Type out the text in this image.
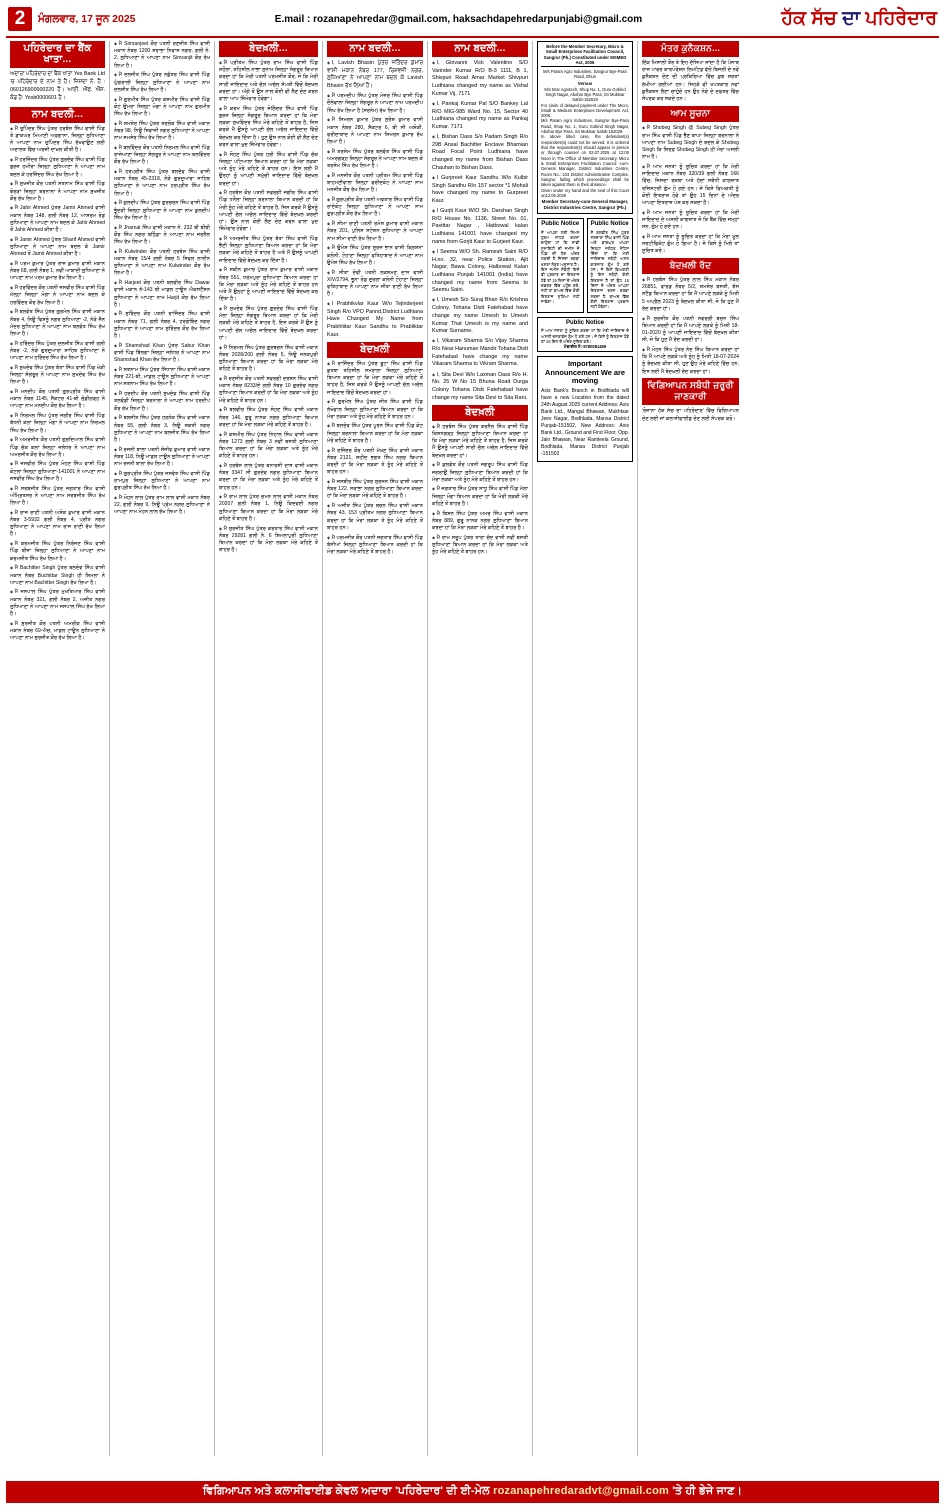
2	ਮੰਗਲਵਾਰ, 17 ਜੂਨ 2025	E.mail : rozanapehredar@gmail.com, haksachdapehredarpunjabi@gmail.com	ਹੱਕ ਸੱਚ ਦਾ ਪਹਿਰੇਦਾਰ
ਪਹਿਰੇਦਾਰ ਦਾ ਬੈਂਕ ਖਾਤਾ...
ਅਦਾਰਾ ਪਹਿਰੇਦਾਰ ਦਾ ਬੈਂਕ ਖਾਤਾ Yes Bank Ltd 'ਚ ਪਹਿਰੇਦਾਰ ਦੇ ਨਾਮ ਤੇ ਹੈ। ਜਿਸਦਾ ਨੰ. ਹੈ : 060126900000220 ਹੈ। ਆਈ. ਐੱਫ. ਐੱਸ. ਕੋਡ ਹੈ: Yesb0000601 ਹੈ।
ਨਾਮ ਬਦਲੀ...
◈ ਮੈਂ ਰੁਪਿੰਦਰ ਸਿੰਘ ਪੁੱਤਰ ਹਰਬੰਸ ਸਿੰਘ ਵਾਸੀ ਪਿੰਡ ਤੇ ਡਾਕਘਰ ਮਿਆਣੀ ਅਫ਼ਗਾਨਾ, ਜ਼ਿਲ੍ਹਾ ਲੁਧਿਆਣਾ ਨੇ ਆਪਣਾ ਨਾਮ ਰੁਪਿੰਦਰ ਸਿੰਘ ਰੱਖਵਾਉਣ ਲਈ ਅਦਾਲਤ ਵਿੱਚ ਅਰਜ਼ੀ ਦਾਖ਼ਲ ਕੀਤੀ ਹੈ।
◈ ਮੈਂ ਹਰਜਿੰਦਰ ਸਿੰਘ ਪੁੱਤਰ ਗੁਰਦੇਵ ਸਿੰਘ ਵਾਸੀ ਪਿੰਡ ਬੁਰਜ ਹਮੀਰਾ ਜ਼ਿਲ੍ਹਾ ਲੁਧਿਆਣਾ ਨੇ ਆਪਣਾ ਨਾਮ ਬਦਲ ਕੇ ਹਰਜਿੰਦਰ ਸਿੰਘ ਰੱਖ ਲਿਆ ਹੈ।
◈ ਮੈਂ ਸੁਖਜੀਤ ਕੌਰ ਪਤਨੀ ਸਤਨਾਮ ਸਿੰਘ ਵਾਸੀ ਪਿੰਡ ਝੋਰੜਾਂ ਜ਼ਿਲ੍ਹਾ ਬਰਨਾਲਾ ਨੇ ਆਪਣਾ ਨਾਮ ਸੁਖਜੀਤ ਕੌਰ ਰੱਖ ਲਿਆ ਹੈ।
◈ ਮੈਂ Jahir Ahmed ਪੁੱਤਰ Jamir Ahmed ਵਾਸੀ ਮਕਾਨ ਨੰਬਰ 148, ਗਲੀ ਨੰਬਰ 12, ਆਸ਼ਰਮ ਰੋਡ ਲੁਧਿਆਣਾ ਨੇ ਆਪਣਾ ਨਾਮ ਬਦਲ ਕੇ Jahir Ahmed ਤੋਂ Jahir Ahmed ਕੀਤਾ ਹੈ।
◈ ਮੈਂ Jamir Ahmed ਪੁੱਤਰ Sharif Ahmed ਵਾਸੀ ਲੁਧਿਆਣਾ ਨੇ ਆਪਣਾ ਨਾਮ ਬਦਲ ਕੇ Jamir Ahmed ਤੋਂ Jamir Ahmed ਕੀਤਾ ਹੈ।
◈ ਮੈਂ ਪਰਮ ਕੁਮਾਰ ਪੁੱਤਰ ਰਾਜ ਕੁਮਾਰ ਵਾਸੀ ਮਕਾਨ ਨੰਬਰ 68, ਗਲੀ ਨੰਬਰ 1, ਨਵੀਂ ਆਬਾਦੀ ਲੁਧਿਆਣਾ ਨੇ ਆਪਣਾ ਨਾਮ ਪਰਮ ਕੁਮਾਰ ਰੱਖ ਲਿਆ ਹੈ।
◈ ਮੈਂ ਹਰਵਿੰਦਰ ਕੌਰ ਪਤਨੀ ਜਸਵੀਰ ਸਿੰਘ ਵਾਸੀ ਪਿੰਡ ਮੱਲ੍ਹਾ ਜ਼ਿਲ੍ਹਾ ਮੋਗਾ ਨੇ ਆਪਣਾ ਨਾਮ ਬਦਲ ਕੇ ਹਰਵਿੰਦਰ ਕੌਰ ਰੱਖ ਲਿਆ ਹੈ।
◈ ਮੈਂ ਬਲਵੰਤ ਸਿੰਘ ਪੁੱਤਰ ਗੁਰਮੇਲ ਸਿੰਘ ਵਾਸੀ ਮਕਾਨ ਨੰਬਰ 4, ਨਿਊ ਵਿਸ਼ਨੂੰ ਨਗਰ ਲੁਧਿਆਣਾ -2, ਨੇੜੇ ਜੈਨ ਮੰਦਰ ਲੁਧਿਆਣਾ ਨੇ ਆਪਣਾ ਨਾਮ ਬਲਵੰਤ ਸਿੰਘ ਰੱਖ ਲਿਆ ਹੈ।
◈ ਮੈਂ ਹਰਿੰਦਰ ਸਿੰਘ ਪੁੱਤਰ ਦਲਜੀਤ ਸਿੰਘ ਵਾਸੀ ਗਲੀ ਨੰਬਰ -2, ਨੇੜੇ ਗੁਰਦੁਆਰਾ ਸਾਹਿਬ ਲੁਧਿਆਣਾ ਨੇ ਆਪਣਾ ਨਾਮ ਹਰਿੰਦਰ ਸਿੰਘ ਰੱਖ ਲਿਆ ਹੈ।
◈ ਮੈਂ ਸੁਖਦੇਵ ਸਿੰਘ ਪੁੱਤਰ ਬੰਤਾ ਸਿੰਘ ਵਾਸੀ ਪਿੰਡ ਖੇੜੀ ਜ਼ਿਲ੍ਹਾ ਸੰਗਰੂਰ ਨੇ ਆਪਣਾ ਨਾਮ ਸੁਖਦੇਵ ਸਿੰਘ ਰੱਖ ਲਿਆ ਹੈ।
◈ ਮੈਂ ਮਨਦੀਪ ਕੌਰ ਪਤਨੀ ਗੁਰਪ੍ਰੀਤ ਸਿੰਘ ਵਾਸੀ ਮਕਾਨ ਨੰਬਰ 1145, ਸੈਕਟਰ 41-ਬੀ ਚੰਡੀਗੜ੍ਹ ਨੇ ਆਪਣਾ ਨਾਮ ਮਨਦੀਪ ਕੌਰ ਰੱਖ ਲਿਆ ਹੈ।
◈ ਮੈਂ ਨਿਰਮਲ ਸਿੰਘ ਪੁੱਤਰ ਜਗੀਰ ਸਿੰਘ ਵਾਸੀ ਪਿੰਡ ਬੱਧਨੀ ਕਲਾਂ ਜ਼ਿਲ੍ਹਾ ਮੋਗਾ ਨੇ ਆਪਣਾ ਨਾਮ ਨਿਰਮਲ ਸਿੰਘ ਰੱਖ ਲਿਆ ਹੈ।
◈ ਮੈਂ ਅਮਰਜੀਤ ਕੌਰ ਪਤਨੀ ਗੁਰਦਿਆਲ ਸਿੰਘ ਵਾਸੀ ਪਿੰਡ ਚੱਕ ਕਲਾਂ ਜ਼ਿਲ੍ਹਾ ਜਲੰਧਰ ਨੇ ਆਪਣਾ ਨਾਮ ਅਮਰਜੀਤ ਕੌਰ ਰੱਖ ਲਿਆ ਹੈ।
◈ ਮੈਂ ਜਸਵੀਰ ਸਿੰਘ ਪੁੱਤਰ ਮੋਹਣ ਸਿੰਘ ਵਾਸੀ ਪਿੰਡ ਕੋਟਲਾ ਜ਼ਿਲ੍ਹਾ ਲੁਧਿਆਣਾ-141001 ਨੇ ਆਪਣਾ ਨਾਮ ਜਸਵੀਰ ਸਿੰਘ ਰੱਖ ਲਿਆ ਹੈ।
◈ ਮੈਂ ਸਰਬਜੀਤ ਸਿੰਘ ਪੁੱਤਰ ਜਗਤਾਰ ਸਿੰਘ ਵਾਸੀ ਅੰਮ੍ਰਿਤਸਰ ਨੇ ਆਪਣਾ ਨਾਮ ਸਰਬਜੀਤ ਸਿੰਘ ਰੱਖ ਲਿਆ ਹੈ।
◈ ਮੈਂ ਰਾਜ ਰਾਣੀ ਪਤਨੀ ਅਸ਼ੋਕ ਕੁਮਾਰ ਵਾਸੀ ਮਕਾਨ ਨੰਬਰ 3-5932 ਗਲੀ ਨੰਬਰ 4, ਪ੍ਰੀਤ ਨਗਰ ਲੁਧਿਆਣਾ ਨੇ ਆਪਣਾ ਨਾਮ ਰਾਜ ਰਾਣੀ ਰੱਖ ਲਿਆ ਹੈ।
◈ ਮੈਂ ਕਰਮਜੀਤ ਸਿੰਘ ਪੁੱਤਰ ਨਿਰੰਜਣ ਸਿੰਘ ਵਾਸੀ ਪਿੰਡ ਬੀਜਾ ਜ਼ਿਲ੍ਹਾ ਲੁਧਿਆਣਾ ਨੇ ਆਪਣਾ ਨਾਮ ਕਰਮਜੀਤ ਸਿੰਘ ਰੱਖ ਲਿਆ ਹੈ।
◈ ਮੈਂ Bachitter Singh ਪੁੱਤਰ ਬਲਦੇਵ ਸਿੰਘ ਵਾਸੀ ਮਕਾਨ ਨੰਬਰ Buchittar Singh ਹੀ ਸ਼ਿਮਲਾ ਨੇ ਆਪਣਾ ਨਾਮ Bachitter Singh ਰੱਖ ਲਿਆ ਹੈ।
◈ ਮੈਂ ਜਸਪਾਲ ਸਿੰਘ ਪੁੱਤਰ ਮੁਖਤਿਆਰ ਸਿੰਘ ਵਾਸੀ ਮਕਾਨ ਨੰਬਰ 321, ਗਲੀ ਨੰਬਰ 2, ਅਜੀਤ ਨਗਰ ਲੁਧਿਆਣਾ ਨੇ ਆਪਣਾ ਨਾਮ ਜਸਪਾਲ ਸਿੰਘ ਰੱਖ ਲਿਆ ਹੈ।
◈ ਮੈਂ ਸੁਰਜੀਤ ਕੌਰ ਪਤਨੀ ਅਮਰੀਕ ਸਿੰਘ ਵਾਸੀ ਮਕਾਨ ਨੰਬਰ 69-ਐਚ, ਮਾਡਲ ਟਾਊਨ ਲੁਧਿਆਣਾ ਨੇ ਆਪਣਾ ਨਾਮ ਸੁਰਜੀਤ ਕੌਰ ਰੱਖ ਲਿਆ ਹੈ।
◈ ਮੈਂ Simranjeet ਕੌਰ ਪਤਨੀ ਰਣਜੀਤ ਸਿੰਘ ਵਾਸੀ ਮਕਾਨ ਨੰਬਰ 1200 ਸਰਾਭਾ ਨਿਵਾਸ ਨਗਰ, ਗਲੀ ਨੰ. 2, ਲੁਧਿਆਣਾ ਨੇ ਆਪਣਾ ਨਾਮ Simranjit ਕੌਰ ਰੱਖ ਲਿਆ ਹੈ।
◈ ਮੈਂ ਦਲਜੀਤ ਸਿੰਘ ਪੁੱਤਰ ਨਛੱਤਰ ਸਿੰਘ ਵਾਸੀ ਪਿੰਡ ਘੁੰਗਰਾਲੀ ਜ਼ਿਲ੍ਹਾ ਲੁਧਿਆਣਾ ਨੇ ਆਪਣਾ ਨਾਮ ਦਲਜੀਤ ਸਿੰਘ ਰੱਖ ਲਿਆ ਹੈ।
◈ ਮੈਂ ਗੁਰਮੀਤ ਸਿੰਘ ਪੁੱਤਰ ਕਸ਼ਮੀਰ ਸਿੰਘ ਵਾਸੀ ਪਿੰਡ ਕੋਟ ਉਮਰਾ ਜ਼ਿਲ੍ਹਾ ਮੋਗਾ ਨੇ ਆਪਣਾ ਨਾਮ ਗੁਰਮੀਤ ਸਿੰਘ ਰੱਖ ਲਿਆ ਹੈ।
◈ ਮੈਂ ਸ਼ਮਸ਼ੇਰ ਸਿੰਘ ਪੁੱਤਰ ਤਰਲੋਕ ਸਿੰਘ ਵਾਸੀ ਮਕਾਨ ਨੰਬਰ 98, ਨਿਊ ਸ਼ਿਵਾਜੀ ਨਗਰ ਲੁਧਿਆਣਾ ਨੇ ਆਪਣਾ ਨਾਮ ਸ਼ਮਸ਼ੇਰ ਸਿੰਘ ਰੱਖ ਲਿਆ ਹੈ।
◈ ਮੈਂ ਬਲਵਿੰਦਰ ਕੌਰ ਪਤਨੀ ਨਿਰਮਲ ਸਿੰਘ ਵਾਸੀ ਪਿੰਡ ਰਾਜੇਆਣਾ ਜ਼ਿਲ੍ਹਾ ਸੰਗਰੂਰ ਨੇ ਆਪਣਾ ਨਾਮ ਬਲਵਿੰਦਰ ਕੌਰ ਰੱਖ ਲਿਆ ਹੈ।
◈ ਮੈਂ ਹਰਪ੍ਰੀਤ ਸਿੰਘ ਪੁੱਤਰ ਬਲਦੇਵ ਸਿੰਘ ਵਾਸੀ ਮਕਾਨ ਨੰਬਰ 45-2318, ਨੇੜੇ ਗੁਰਦੁਆਰਾ ਸਾਹਿਬ ਲੁਧਿਆਣਾ ਨੇ ਆਪਣਾ ਨਾਮ ਹਰਪ੍ਰੀਤ ਸਿੰਘ ਰੱਖ ਲਿਆ ਹੈ।
◈ ਮੈਂ ਕੁਲਦੀਪ ਸਿੰਘ ਪੁੱਤਰ ਗੁਰਚਰਨ ਸਿੰਘ ਵਾਸੀ ਪਿੰਡ ਭੂੰਦੜੀ ਜ਼ਿਲ੍ਹਾ ਲੁਧਿਆਣਾ ਨੇ ਆਪਣਾ ਨਾਮ ਕੁਲਦੀਪ ਸਿੰਘ ਰੱਖ ਲਿਆ ਹੈ।
◈ ਮੈਂ Jharnal ਸਿੰਘ ਵਾਸੀ ਮਕਾਨ ਨੰ. 232 ਬੀ ਬੀਬੀ ਕੌਰ ਸਿੰਘ ਨਗਰ ਬਠਿੰਡਾ ਨੇ ਆਪਣਾ ਨਾਮ ਜਰਨੈਲ ਸਿੰਘ ਰੱਖ ਲਿਆ ਹੈ।
◈ ਮੈਂ Kulwinder ਕੌਰ ਪਤਨੀ ਹਰਬੰਸ ਸਿੰਘ ਵਾਸੀ ਮਕਾਨ ਨੰਬਰ 15/4 ਗਲੀ ਨੰਬਰ 5 ਸਿਵਲ ਲਾਈਨ ਲੁਧਿਆਣਾ ਨੇ ਆਪਣਾ ਨਾਮ Kulwinder ਕੌਰ ਰੱਖ ਲਿਆ ਹੈ।
◈ ਮੈਂ Harjeet ਕੌਰ ਪਤਨੀ ਬਲਵੀਰ ਸਿੰਘ Dawar ਵਾਸੀ ਮਕਾਨ ਨੰ-143 ਬੀ ਮਾਡਲ ਟਾਊਨ ਐਕਸਟੈਂਸ਼ਨ ਲੁਧਿਆਣਾ ਨੇ ਆਪਣਾ ਨਾਮ Harjit ਕੌਰ ਰੱਖ ਲਿਆ ਹੈ।
◈ ਮੈਂ ਸੁਰਿੰਦਰ ਕੌਰ ਪਤਨੀ ਰਾਜਿੰਦਰ ਸਿੰਘ ਵਾਸੀ ਮਕਾਨ ਨੰਬਰ 71, ਗਲੀ ਨੰਬਰ 4, ਹਰਗੋਬਿੰਦ ਨਗਰ ਲੁਧਿਆਣਾ ਨੇ ਆਪਣਾ ਨਾਮ ਸੁਰਿੰਦਰ ਕੌਰ ਰੱਖ ਲਿਆ ਹੈ।
◈ ਮੈਂ Shamshad Khan ਪੁੱਤਰ Sabur Khan ਵਾਸੀ ਪਿੰਡ ਬਿੱਲਗਾ ਜ਼ਿਲ੍ਹਾ ਜਲੰਧਰ ਨੇ ਆਪਣਾ ਨਾਮ Shamshad Khan ਰੱਖ ਲਿਆ ਹੈ।
◈ ਮੈਂ ਸਤਨਾਮ ਸਿੰਘ ਪੁੱਤਰ ਸਿੱਧਾਨਾ ਸਿੰਘ ਵਾਸੀ ਮਕਾਨ ਨੰਬਰ 221-ਬੀ, ਮਾਡਲ ਟਾਊਨ ਲੁਧਿਆਣਾ ਨੇ ਆਪਣਾ ਨਾਮ ਸਤਨਾਮ ਸਿੰਘ ਰੱਖ ਲਿਆ ਹੈ।
◈ ਮੈਂ ਹਰਦੀਪ ਕੌਰ ਪਤਨੀ ਸੁਖਦੇਵ ਸਿੰਘ ਵਾਸੀ ਪਿੰਡ ਤਲਵੰਡੀ ਜ਼ਿਲ੍ਹਾ ਬਰਨਾਲਾ ਨੇ ਆਪਣਾ ਨਾਮ ਹਰਦੀਪ ਕੌਰ ਰੱਖ ਲਿਆ ਹੈ।
◈ ਮੈਂ ਬਲਜੀਤ ਸਿੰਘ ਪੁੱਤਰ ਹਰਨੇਕ ਸਿੰਘ ਵਾਸੀ ਮਕਾਨ ਨੰਬਰ 55, ਗਲੀ ਨੰਬਰ 3, ਨਿਊ ਸ਼ਕਤੀ ਨਗਰ ਲੁਧਿਆਣਾ ਨੇ ਆਪਣਾ ਨਾਮ ਬਲਜੀਤ ਸਿੰਘ ਰੱਖ ਲਿਆ ਹੈ।
◈ ਮੈਂ ਰਜਨੀ ਬਾਲਾ ਪਤਨੀ ਸੰਜੀਵ ਕੁਮਾਰ ਵਾਸੀ ਮਕਾਨ ਨੰਬਰ 118, ਨਿਊ ਮਾਡਲ ਟਾਊਨ ਲੁਧਿਆਣਾ ਨੇ ਆਪਣਾ ਨਾਮ ਰਜਨੀ ਬਾਲਾ ਰੱਖ ਲਿਆ ਹੈ।
◈ ਮੈਂ ਗੁਰਪ੍ਰੀਤ ਸਿੰਘ ਪੁੱਤਰ ਜਸਵੰਤ ਸਿੰਘ ਵਾਸੀ ਪਿੰਡ ਰਾਮਪੁਰ ਜ਼ਿਲ੍ਹਾ ਲੁਧਿਆਣਾ ਨੇ ਆਪਣਾ ਨਾਮ ਗੁਰਪ੍ਰੀਤ ਸਿੰਘ ਰੱਖ ਲਿਆ ਹੈ।
◈ ਮੈਂ ਮੋਹਨ ਲਾਲ ਪੁੱਤਰ ਰਾਮ ਲਾਲ ਵਾਸੀ ਮਕਾਨ ਨੰਬਰ 22, ਗਲੀ ਨੰਬਰ 9, ਨਿਊ ਪ੍ਰੇਮ ਨਗਰ ਲੁਧਿਆਣਾ ਨੇ ਆਪਣਾ ਨਾਮ ਮੋਹਨ ਲਾਲ ਰੱਖ ਲਿਆ ਹੈ।
ਬੇਦਖ਼ਲੀ...
◈ ਮੈਂ ਪ੍ਰੀਤਮ ਸਿੰਘ ਪੁੱਤਰ ਰਾਮ ਸਿੰਘ ਵਾਸੀ ਪਿੰਡ ਸਹੌਲਾ, ਤਹਿਸੀਲ ਨਾਭਾ ਸੁਨਾਮ ਜ਼ਿਲ੍ਹਾ ਸੰਗਰੂਰ ਬਿਆਨ ਕਰਦਾ ਹਾਂ ਕਿ ਮੇਰੀ ਪਤਨੀ ਪਰਮਜੀਤ ਕੌਰ, ਜੋ ਕਿ ਮੇਰੀ ਸਾਰੀ ਜਾਇਦਾਦ ਅਤੇ ਚੱਲ ਅਚੱਲ ਸੰਪਤੀ ਵਿੱਚੋਂ ਬੇਦਖ਼ਲ ਕਰਦਾ ਹਾਂ। ਅੱਗੇ ਤੋਂ ਉਸ ਨਾਲ ਕੋਈ ਵੀ ਲੈਣ ਦੇਣ ਕਰਨ ਵਾਲਾ ਆਪ ਜ਼ਿੰਮੇਵਾਰ ਹੋਵੇਗਾ।
◈ ਮੈਂ ਕਰਮ ਸਿੰਘ ਪੁੱਤਰ ਜੋਗਿੰਦਰ ਸਿੰਘ ਵਾਸੀ ਪਿੰਡ ਬੁਰਜ ਜ਼ਿਲ੍ਹਾ ਸੰਗਰੂਰ ਬਿਆਨ ਕਰਦਾ ਹਾਂ ਕਿ ਮੇਰਾ ਲੜਕਾ ਸੁਖਵਿੰਦਰ ਸਿੰਘ ਮੇਰੇ ਕਹਿਣੇ ਤੋਂ ਬਾਹਰ ਹੈ, ਜਿਸ ਕਰਕੇ ਮੈਂ ਉਸਨੂੰ ਆਪਣੀ ਚੱਲ ਅਚੱਲ ਜਾਇਦਾਦ ਵਿੱਚੋਂ ਬੇਦਖ਼ਲ ਕਰ ਦਿੱਤਾ ਹੈ। ਹੁਣ ਉਸ ਨਾਲ ਕੋਈ ਵੀ ਲੈਣ ਦੇਣ ਕਰਨ ਵਾਲਾ ਖੁਦ ਜ਼ਿੰਮੇਵਾਰ ਹੋਵੇਗਾ।
◈ ਮੈਂ ਸੋਹਣ ਸਿੰਘ ਪੁੱਤਰ ਹਰੀ ਸਿੰਘ ਵਾਸੀ ਪਿੰਡ ਚੱਕ ਜ਼ਿਲ੍ਹਾ ਪਟਿਆਲਾ ਬਿਆਨ ਕਰਦਾ ਹਾਂ ਕਿ ਮੇਰਾ ਲੜਕਾ ਅਤੇ ਨੂੰਹ ਮੇਰੇ ਕਹਿਣੇ ਤੋਂ ਬਾਹਰ ਹਨ। ਇਸ ਲਈ ਮੈਂ ਉਨ੍ਹਾਂ ਨੂੰ ਆਪਣੀ ਸਮੁੱਚੀ ਜਾਇਦਾਦ ਵਿੱਚੋਂ ਬੇਦਖ਼ਲ ਕਰਦਾ ਹਾਂ।
◈ ਮੈਂ ਹਰਬੰਸ ਕੌਰ ਪਤਨੀ ਸਵਰਗੀ ਜਗੀਰ ਸਿੰਘ ਵਾਸੀ ਪਿੰਡ ਧਨੌਲਾ ਜ਼ਿਲ੍ਹਾ ਬਰਨਾਲਾ ਬਿਆਨ ਕਰਦੀ ਹਾਂ ਕਿ ਮੇਰੀ ਨੂੰਹ ਮੇਰੇ ਕਹਿਣੇ ਤੋਂ ਬਾਹਰ ਹੈ, ਜਿਸ ਕਰਕੇ ਮੈਂ ਉਸਨੂੰ ਆਪਣੀ ਚੱਲ ਅਚੱਲ ਜਾਇਦਾਦ ਵਿੱਚੋਂ ਬੇਦਖ਼ਲ ਕਰਦੀ ਹਾਂ। ਉਸ ਨਾਲ ਕੋਈ ਲੈਣ ਦੇਣ ਕਰਨ ਵਾਲਾ ਖੁਦ ਜ਼ਿੰਮੇਵਾਰ ਹੋਵੇਗਾ।
◈ ਮੈਂ ਅਮਰਜੀਤ ਸਿੰਘ ਪੁੱਤਰ ਬੰਤਾ ਸਿੰਘ ਵਾਸੀ ਪਿੰਡ ਭੈਣੀ ਜ਼ਿਲ੍ਹਾ ਲੁਧਿਆਣਾ ਬਿਆਨ ਕਰਦਾ ਹਾਂ ਕਿ ਮੇਰਾ ਲੜਕਾ ਮੇਰੇ ਕਹਿਣੇ ਤੋਂ ਬਾਹਰ ਹੈ ਅਤੇ ਮੈਂ ਉਸਨੂੰ ਆਪਣੀ ਜਾਇਦਾਦ ਵਿੱਚੋਂ ਬੇਦਖ਼ਲ ਕਰ ਦਿੱਤਾ ਹੈ।
◈ ਮੈਂ ਸਕੀਨ ਕੁਮਾਰ ਪੁੱਤਰ ਰਾਮ ਕੁਮਾਰ ਵਾਸੀ ਮਕਾਨ ਨੰਬਰ 551, ਧਰਮਪੁਰਾ ਲੁਧਿਆਣਾ ਬਿਆਨ ਕਰਦਾ ਹਾਂ ਕਿ ਮੇਰਾ ਲੜਕਾ ਅਤੇ ਨੂੰਹ ਮੇਰੇ ਕਹਿਣੇ ਤੋਂ ਬਾਹਰ ਹਨ ਅਤੇ ਮੈਂ ਉਨ੍ਹਾਂ ਨੂੰ ਆਪਣੀ ਜਾਇਦਾਦ ਵਿੱਚੋਂ ਬੇਦਖ਼ਲ ਕਰ ਦਿੱਤਾ ਹੈ।
◈ ਮੈਂ ਸੁਖਦੇਵ ਸਿੰਘ ਪੁੱਤਰ ਗੁਰਦੇਵ ਸਿੰਘ ਵਾਸੀ ਪਿੰਡ ਮੱਲਾ ਜ਼ਿਲ੍ਹਾ ਸੰਗਰੂਰ ਬਿਆਨ ਕਰਦਾ ਹਾਂ ਕਿ ਮੇਰੀ ਲੜਕੀ ਮੇਰੇ ਕਹਿਣੇ ਤੋਂ ਬਾਹਰ ਹੈ, ਇਸ ਕਰਕੇ ਮੈਂ ਉਸ ਨੂੰ ਆਪਣੀ ਚੱਲ ਅਚੱਲ ਜਾਇਦਾਦ ਵਿੱਚੋਂ ਬੇਦਖ਼ਲ ਕਰਦਾ ਹਾਂ।
◈ ਮੈਂ ਨਿਰਮਲ ਸਿੰਘ ਪੁੱਤਰ ਗੁਰਬਚਨ ਸਿੰਘ ਵਾਸੀ ਮਕਾਨ ਨੰਬਰ 2028/200 ਗਲੀ ਨੰਬਰ 5, ਨਿਊ ਜਨਕਪੁਰੀ ਲੁਧਿਆਣਾ ਬਿਆਨ ਕਰਦਾ ਹਾਂ ਕਿ ਮੇਰਾ ਲੜਕਾ ਮੇਰੇ ਕਹਿਣੇ ਤੋਂ ਬਾਹਰ ਹੈ।
◈ ਮੈਂ ਰਣਜੀਤ ਕੌਰ ਪਤਨੀ ਸਵਰਗੀ ਦਰਸ਼ਨ ਸਿੰਘ ਵਾਸੀ ਮਕਾਨ ਨੰਬਰ 8233/ਏ ਗਲੀ ਨੰਬਰ 10 ਗੁਰਦੇਵ ਨਗਰ ਲੁਧਿਆਣਾ ਬਿਆਨ ਕਰਦੀ ਹਾਂ ਕਿ ਮੇਰਾ ਲੜਕਾ ਅਤੇ ਨੂੰਹ ਮੇਰੇ ਕਹਿਣੇ ਤੋਂ ਬਾਹਰ ਹਨ।
◈ ਮੈਂ ਬਲਵੀਰ ਸਿੰਘ ਪੁੱਤਰ ਸੋਹਣ ਸਿੰਘ ਵਾਸੀ ਮਕਾਨ ਨੰਬਰ 146, ਗੁਰੂ ਨਾਨਕ ਨਗਰ ਲੁਧਿਆਣਾ ਬਿਆਨ ਕਰਦਾ ਹਾਂ ਕਿ ਮੇਰਾ ਲੜਕਾ ਮੇਰੇ ਕਹਿਣੇ ਤੋਂ ਬਾਹਰ ਹੈ।
◈ ਮੈਂ ਕਸ਼ਮੀਰ ਸਿੰਘ ਪੁੱਤਰ ਨਿਹਾਲ ਸਿੰਘ ਵਾਸੀ ਮਕਾਨ ਨੰਬਰ 1273 ਗਲੀ ਨੰਬਰ 3 ਨਵੀਂ ਬਸਤੀ ਲੁਧਿਆਣਾ ਬਿਆਨ ਕਰਦਾ ਹਾਂ ਕਿ ਮੇਰਾ ਲੜਕਾ ਅਤੇ ਨੂੰਹ ਮੇਰੇ ਕਹਿਣੇ ਤੋਂ ਬਾਹਰ ਹਨ।
◈ ਮੈਂ ਹਰਬੰਸ ਲਾਲ ਪੁੱਤਰ ਬਨਾਰਸੀ ਦਾਸ ਵਾਸੀ ਮਕਾਨ ਨੰਬਰ 3347 ਸੀ ਗੁਰਦੇਵ ਨਗਰ ਲੁਧਿਆਣਾ ਬਿਆਨ ਕਰਦਾ ਹਾਂ ਕਿ ਮੇਰਾ ਲੜਕਾ ਅਤੇ ਨੂੰਹ ਮੇਰੇ ਕਹਿਣੇ ਤੋਂ ਬਾਹਰ ਹਨ।
◈ ਮੈਂ ਰਾਮ ਲਾਲ ਪੁੱਤਰ ਚਮਨ ਲਾਲ ਵਾਸੀ ਮਕਾਨ ਨੰਬਰ 20207 ਗਲੀ ਨੰਬਰ 1, ਨਿਊ ਕਿਦਵਈ ਨਗਰ ਲੁਧਿਆਣਾ ਬਿਆਨ ਕਰਦਾ ਹਾਂ ਕਿ ਮੇਰਾ ਲੜਕਾ ਮੇਰੇ ਕਹਿਣੇ ਤੋਂ ਬਾਹਰ ਹੈ।
◈ ਮੈਂ ਸੁਰਜੀਤ ਸਿੰਘ ਪੁੱਤਰ ਕਰਤਾਰ ਸਿੰਘ ਵਾਸੀ ਮਕਾਨ ਨੰਬਰ 29281 ਗਲੀ ਨੰ. 6 ਸ਼ਿਮਲਾਪੁਰੀ ਲੁਧਿਆਣਾ ਬਿਆਨ ਕਰਦਾ ਹਾਂ ਕਿ ਮੇਰਾ ਲੜਕਾ ਮੇਰੇ ਕਹਿਣੇ ਤੋਂ ਬਾਹਰ ਹੈ।
ਨਾਮ ਬਦਲੀ...
◈ I, Lavish Bhasin ਪੁੱਤਰ ਜਤਿੰਦਰ ਕੁਮਾਰ ਵਾਸੀ ਮਕਾਨ ਨੰਬਰ 177, ਰਿਸ਼ਵਜੀ ਨਗਰ, ਲੁਧਿਆਣਾ ਨੇ ਆਪਣਾ ਨਾਮ ਬਦਲ ਕੇ Lavish Bhasin ਰੱਖ ਲਿਆ ਹੈ।
◈ ਮੈਂ ਪਰਮਦੀਪ ਸਿੰਘ ਪੁੱਤਰ ਮੇਜਰ ਸਿੰਘ ਵਾਸੀ ਪਿੰਡ ਦੌਲੇਵਾਲਾ ਜ਼ਿਲ੍ਹਾ ਸੰਗਰੂਰ ਨੇ ਆਪਣਾ ਨਾਮ ਪਰਮਦੀਪ ਸਿੰਘ ਰੱਖ ਲਿਆ ਹੈ (ਸਰਨੇਮ) ਰੱਖ ਲਿਆ ਹੈ।
◈ ਮੈਂ ਸਿਮਰਨ ਕੁਮਾਰ ਪੁੱਤਰ ਸੁਰੇਸ਼ ਕੁਮਾਰ ਵਾਸੀ ਮਕਾਨ ਨੰਬਰ 280, ਸੈਕਟਰ 6, ਬੀ ਸੀ ਅਸ਼ੋਕੀ, ਫਰੀਦਾਬਾਦ ਨੇ ਆਪਣਾ ਨਾਮ ਸਿਮਰਨ ਕੁਮਾਰ ਰੱਖ ਲਿਆ ਹੈ।
◈ ਮੈਂ ਤਰਸੇਮ ਸਿੰਘ ਪੁੱਤਰ ਬਲਵੰਤ ਸਿੰਘ ਵਾਸੀ ਪਿੰਡ ਅਮਰਗੜ੍ਹ ਜ਼ਿਲ੍ਹਾ ਸੰਗਰੂਰ ਨੇ ਆਪਣਾ ਨਾਮ ਬਦਲ ਕੇ ਤਰਸੇਮ ਸਿੰਘ ਰੱਖ ਲਿਆ ਹੈ।
◈ ਮੈਂ ਮਨਜੀਤ ਕੌਰ ਪਤਨੀ ਪ੍ਰੀਤਮ ਸਿੰਘ ਵਾਸੀ ਪਿੰਡ ਬਾਹਮਣੀਵਾਲਾ ਜ਼ਿਲ੍ਹਾ ਫਰੀਦਕੋਟ ਨੇ ਆਪਣਾ ਨਾਮ ਮਨਜੀਤ ਕੌਰ ਰੱਖ ਲਿਆ ਹੈ।
◈ ਮੈਂ ਗੁਰਪ੍ਰੀਤ ਕੌਰ ਪਤਨੀ ਅਵਤਾਰ ਸਿੰਘ ਵਾਸੀ ਪਿੰਡ ਰਾਏਕੋਟ ਜ਼ਿਲ੍ਹਾ ਲੁਧਿਆਣਾ ਨੇ ਆਪਣਾ ਨਾਮ ਗੁਰਪ੍ਰੀਤ ਕੌਰ ਰੱਖ ਲਿਆ ਹੈ।
◈ ਮੈਂ ਸੀਮਾ ਰਾਣੀ ਪਤਨੀ ਰਮੇਸ਼ ਕੁਮਾਰ ਵਾਸੀ ਮਕਾਨ ਨੰਬਰ 201, ਪੁਲਿਸ ਸਟੇਸ਼ਨ ਲੁਧਿਆਣਾ ਨੇ ਆਪਣਾ ਨਾਮ ਸੀਮਾ ਰਾਣੀ ਰੱਖ ਲਿਆ ਹੈ।
◈ ਮੈਂ ਉਮੇਸ਼ ਸਿੰਘ ਪੁੱਤਰ ਸੂਰਜ ਭਾਨ ਵਾਸੀ ਕ੍ਰਿਸ਼ਨਾ ਕਲੋਨੀ, ਟੋਹਾਣਾ ਜ਼ਿਲ੍ਹਾ ਫਤਿਹਾਬਾਦ ਨੇ ਆਪਣਾ ਨਾਮ ਉਮੇਸ਼ ਸਿੰਘ ਰੱਖ ਲਿਆ ਹੈ।
◈ ਮੈਂ ਸੀਤਾ ਦੇਵੀ ਪਤਨੀ ਲਕਸ਼ਮਣ ਦਾਸ ਵਾਸੀ XIV/2794, ਭੂਨਾ ਰੋਡ ਦੁਰਗਾ ਕਲੋਨੀ ਟੋਹਾਣਾ ਜ਼ਿਲ੍ਹਾ ਫਤਿਹਾਬਾਦ ਨੇ ਆਪਣਾ ਨਾਮ ਸੀਤਾ ਰਾਣੀ ਰੱਖ ਲਿਆ ਹੈ।
◈ I Prabhikvlar Kaur W/o Tejinderjeet Singh R/o VPO Pannd,District Ludhiana Have Changed My Name from Prabhliitar Kaur Sandhu to Prabliktar Kaur.
ਬੇਦਖ਼ਲੀ
◈ ਮੈਂ ਰਾਜਿੰਦਰ ਸਿੰਘ ਪੁੱਤਰ ਬੂਟਾ ਸਿੰਘ ਵਾਸੀ ਪਿੰਡ ਕੁਤਬਾ ਤਹਿਸੀਲ ਸਮਰਾਲਾ ਜ਼ਿਲ੍ਹਾ ਲੁਧਿਆਣਾ ਬਿਆਨ ਕਰਦਾ ਹਾਂ ਕਿ ਮੇਰਾ ਲੜਕਾ ਮੇਰੇ ਕਹਿਣੇ ਤੋਂ ਬਾਹਰ ਹੈ, ਜਿਸ ਕਰਕੇ ਮੈਂ ਉਸਨੂੰ ਆਪਣੀ ਚੱਲ ਅਚੱਲ ਜਾਇਦਾਦ ਵਿੱਚੋਂ ਬੇਦਖ਼ਲ ਕਰਦਾ ਹਾਂ।
◈ ਮੈਂ ਗੁਰਮੇਲ ਸਿੰਘ ਪੁੱਤਰ ਜੀਤ ਸਿੰਘ ਵਾਸੀ ਪਿੰਡ ਲੱਖੋਵਾਲ ਜ਼ਿਲ੍ਹਾ ਲੁਧਿਆਣਾ ਬਿਆਨ ਕਰਦਾ ਹਾਂ ਕਿ ਮੇਰਾ ਲੜਕਾ ਅਤੇ ਨੂੰਹ ਮੇਰੇ ਕਹਿਣੇ ਤੋਂ ਬਾਹਰ ਹਨ।
◈ ਮੈਂ ਬਲਦੇਵ ਸਿੰਘ ਪੁੱਤਰ ਪੂਰਨ ਸਿੰਘ ਵਾਸੀ ਪਿੰਡ ਕੋਟ ਜ਼ਿਲ੍ਹਾ ਬਰਨਾਲਾ ਬਿਆਨ ਕਰਦਾ ਹਾਂ ਕਿ ਮੇਰਾ ਲੜਕਾ ਮੇਰੇ ਕਹਿਣੇ ਤੋਂ ਬਾਹਰ ਹੈ।
◈ ਮੈਂ ਰਜਿੰਦਰ ਕੌਰ ਪਤਨੀ ਮੱਖਣ ਸਿੰਘ ਵਾਸੀ ਮਕਾਨ ਨੰਬਰ 2121, ਸ਼ਹੀਦ ਭਗਤ ਸਿੰਘ ਨਗਰ ਬਿਆਨ ਕਰਦੀ ਹਾਂ ਕਿ ਮੇਰਾ ਲੜਕਾ ਤੇ ਨੂੰਹ ਮੇਰੇ ਕਹਿਣੇ ਤੋਂ ਬਾਹਰ ਹਨ।
◈ ਮੈਂ ਜਸਬੀਰ ਸਿੰਘ ਪੁੱਤਰ ਸੁਰਜਨ ਸਿੰਘ ਵਾਸੀ ਮਕਾਨ ਨੰਬਰ 122, ਸਰਾਭਾ ਨਗਰ ਲੁਧਿਆਣਾ ਬਿਆਨ ਕਰਦਾ ਹਾਂ ਕਿ ਮੇਰਾ ਲੜਕਾ ਮੇਰੇ ਕਹਿਣੇ ਤੋਂ ਬਾਹਰ ਹੈ।
◈ ਮੈਂ ਅਜੀਤ ਸਿੰਘ ਪੁੱਤਰ ਬਚਨ ਸਿੰਘ ਵਾਸੀ ਮਕਾਨ ਨੰਬਰ 43, 153 ਪ੍ਰੀਤਮ ਨਗਰ ਲੁਧਿਆਣਾ ਬਿਆਨ ਕਰਦਾ ਹਾਂ ਕਿ ਮੇਰਾ ਲੜਕਾ ਤੇ ਨੂੰਹ ਮੇਰੇ ਕਹਿਣੇ ਤੋਂ ਬਾਹਰ ਹਨ।
◈ ਮੈਂ ਪਰਮਜੀਤ ਕੌਰ ਪਤਨੀ ਜਗਤਾਰ ਸਿੰਘ ਵਾਸੀ ਪਿੰਡ ਬੱਸੀਆਂ ਜ਼ਿਲ੍ਹਾ ਲੁਧਿਆਣਾ ਬਿਆਨ ਕਰਦੀ ਹਾਂ ਕਿ ਮੇਰਾ ਲੜਕਾ ਮੇਰੇ ਕਹਿਣੇ ਤੋਂ ਬਾਹਰ ਹੈ।
ਨਾਮ ਬਦਲੀ...
◈ I, Giovanni Vick Valentino S/O Varinder Kumar R/O B-3 1111, B 1, Shivpuri Road Amar Market Shivpuri Ludhiana changed my name as Vishal Kumar Vij. 7171
◈ I, Pankaj Kumar Pal S/O Bankey Lal R/O MIG-985 Ward No. 15, Sector 40 Ludhiana changed my name as Pankaj Kumar. 7171
◈ I, Bishan Dass S/o Padam Singh R/o 29B Ansal Bachitter Enclave Bhamian Road Focal Point Ludhiana have changed my name from Bishan Dass Chauhan to Bishan Dass.
◈ I Gurpreet Kaur Sandhu W/o Kulbir Singh Sandhu R/o 157 sector *1 Mohali have changed my name to Gurpreet Kaur.
◈ I Gurjit Kaur W/O Sh. Darshan Singh R/O House No. 1136, Street No. 01, Pavittar Nagar , Hatbowal kalan Ludhiana 141001 have changed my name from Gorjit Kaur to Gurjeet Kaur.
◈ I Seema W/O Sh. Ramesh Saini R/O H.no. 32, near Police Station, Ajit Nagar, Bawa Colony, Halbowal Kalan Ludhiana Punjab 141001 (India) have changed my name from Seema to Seemu Saini.
◈ I, Umesh S/o Suraj Bhan R/o Krishna Colony, Tohana Distt Fatehabad have change my name Umesh to Umesh Kumar That Umesh is my name and Kumar Surname.
◈ I, Vikaram Sharma S/o Vijay Sharma R/o Near Hanuman Mandir Tohana Distt Fatehabad have change my name Vikaram Sharma to Vikram Sharma.
◈ I, Sita Devi W/o Laxman Dass R/o H. No. 25 W No 15 Bhuna Road Durga Colony Tohana Distt Fatehabad have change my name Sita Devi to Sita Rani.
ਬੇਦਖ਼ਲੀ
◈ ਮੈਂ ਹਰਬੰਸ ਸਿੰਘ ਪੁੱਤਰ ਕਰਨੈਲ ਸਿੰਘ ਵਾਸੀ ਪਿੰਡ ਕਿਸ਼ਨਗੜ੍ਹ ਜ਼ਿਲ੍ਹਾ ਲੁਧਿਆਣਾ ਬਿਆਨ ਕਰਦਾ ਹਾਂ ਕਿ ਮੇਰਾ ਲੜਕਾ ਮੇਰੇ ਕਹਿਣੇ ਤੋਂ ਬਾਹਰ ਹੈ, ਜਿਸ ਕਰਕੇ ਮੈਂ ਉਸਨੂੰ ਆਪਣੀ ਸਾਰੀ ਚੱਲ ਅਚੱਲ ਜਾਇਦਾਦ ਵਿੱਚੋਂ ਬੇਦਖ਼ਲ ਕਰਦਾ ਹਾਂ।
◈ ਮੈਂ ਕੁਲਵੰਤ ਕੌਰ ਪਤਨੀ ਜਗਰੂਪ ਸਿੰਘ ਵਾਸੀ ਪਿੰਡ ਜਗਰਾਉਂ ਜ਼ਿਲ੍ਹਾ ਲੁਧਿਆਣਾ ਬਿਆਨ ਕਰਦੀ ਹਾਂ ਕਿ ਮੇਰਾ ਲੜਕਾ ਅਤੇ ਨੂੰਹ ਮੇਰੇ ਕਹਿਣੇ ਤੋਂ ਬਾਹਰ ਹਨ।
◈ ਮੈਂ ਜਗਤਾਰ ਸਿੰਘ ਪੁੱਤਰ ਸਾਧੂ ਸਿੰਘ ਵਾਸੀ ਪਿੰਡ ਮੱਲਾ ਜ਼ਿਲ੍ਹਾ ਮੋਗਾ ਬਿਆਨ ਕਰਦਾ ਹਾਂ ਕਿ ਮੇਰੀ ਲੜਕੀ ਮੇਰੇ ਕਹਿਣੇ ਤੋਂ ਬਾਹਰ ਹੈ।
◈ ਮੈਂ ਬਿਸ਼ਨ ਸਿੰਘ ਪੁੱਤਰ ਅਮਰ ਸਿੰਘ ਵਾਸੀ ਮਕਾਨ ਨੰਬਰ 889, ਗੁਰੂ ਨਾਨਕ ਨਗਰ ਲੁਧਿਆਣਾ ਬਿਆਨ ਕਰਦਾ ਹਾਂ ਕਿ ਮੇਰਾ ਲੜਕਾ ਮੇਰੇ ਕਹਿਣੇ ਤੋਂ ਬਾਹਰ ਹੈ।
◈ ਮੈਂ ਰਾਮ ਸਰੂਪ ਪੁੱਤਰ ਤਾਰਾ ਚੰਦ ਵਾਸੀ ਨਵੀਂ ਬਸਤੀ ਲੁਧਿਆਣਾ ਬਿਆਨ ਕਰਦਾ ਹਾਂ ਕਿ ਮੇਰਾ ਲੜਕਾ ਅਤੇ ਨੂੰਹ ਮੇਰੇ ਕਹਿਣੇ ਤੋਂ ਬਾਹਰ ਹਨ।
Before the Member Secretary, Micro & Small Enterprises Facilitation Council, Sangrur (Pb.) Constituted under MSMED Act, 2006
M/s Param Agro Industries, Sangrur Bye-Pass Road, Dhuri
Versus
M/s Brar Agrotech, Shop No. 1, Guru Gobind Singh Nagar, Abohar Bye Pass, Sri Muktsar Sahib-152029
For claim of delayed payment under The Micro, Small & Medium Enterprises Development Act, 2006.
M/s Param Agro Industries, Sangrur Bye-Pass Road, Shop No. 1, Guru Gobind Singh Nagar, Abohar Bye Pass, Sri Muktsar Sahib-152029.
In above titled case, the defendant(s) respondent(s) could not be served. It is ordered that the respondent(s) should appear in person or through counsel on 02.07.2025 at 12:00 Noon in The Office of Member Secretary, Micro & Small Enterprises Facilitation Council -cum- General Manager, District Industries Centre, Room No.: 103 District Administrative Complex, Sangrur, failing which proceedings shall be taken against them in their absence.
Given under my hand and the seal of this Court on12.06.2025
Member Secretary-cum-General Manager,
District Industries Centre, Sangrur (Pb.)
Public Notice
ਮੈਂ ਆਪਣਾ ਲਈ ਨਿਮਨ ਹੁਕਮ ਜ਼ਾਹਰ ਕਰਨਾ ਚਾਹੁੰਦਾ ਹਾਂ ਕਿ ਸਾਡੀ ਸੁਸਾਇਟੀ ਦੀ ਜਮੀਨ ਜੋ ਪਿੰਡ ਦੀ ਹੱਦ ਅੰਦਰ ਲਗਦੀ ਹੈ ਜਿਸਦਾ ਰਕਬਾ ਖਸਰਾ ਨੰਬਰ ਅਨੁਸਾਰ ਹੈ। ਇਸ ਜਮੀਨ ਸੰਬੰਧੀ ਕਿਸੇ ਵੀ ਪ੍ਰਕਾਰ ਦਾ ਇਤਰਾਜ਼ ਹੋਵੇ ਤਾਂ 15 ਦਿਨਾਂ ਦੇ ਅੰਦਰ ਦਫ਼ਤਰ ਵਿੱਚ ਪਹੁੰਚ ਕਰੇ, ਨਹੀਂ ਤਾਂ ਬਾਅਦ ਵਿੱਚ ਕੋਈ ਇਤਰਾਜ਼ ਸੁਣਿਆ ਨਹੀਂ ਜਾਵੇਗਾ।
Public Notice
ਮੈਂ ਬਲਵੀਰ ਸਿੰਘ ਪੁੱਤਰ ਸਰਦਾਰਾ ਸਿੰਘ ਵਾਸੀ ਪਿੰਡ ਅਤੇ ਡਾਕਘਰ ਅੱਪਰਾ ਜ਼ਿਲ੍ਹਾ ਜਲੰਧਰ ਨੋਟਿਸ ਦਿੰਦਾ ਹਾਂ ਕਿ ਮੇਰੀ ਜਾਇਦਾਦ ਸਬੰਧੀ ਅਸਲ ਕਾਗਜ਼ਾਤ ਗੁੰਮ ਹੋ ਗਏ ਹਨ। ਜੇ ਕਿਸੇ ਵਿਅਕਤੀ ਨੂੰ ਇਸ ਸਬੰਧੀ ਕੋਈ ਇਤਰਾਜ਼ ਹੈ ਤਾਂ ਉਹ 15 ਦਿਨਾਂ ਦੇ ਅੰਦਰ ਆਪਣਾ ਇਤਰਾਜ਼ ਦਰਜ ਕਰਵਾ ਸਕਦਾ ਹੈ, ਬਾਅਦ ਵਿੱਚ ਕੋਈ ਇਤਰਾਜ਼ ਪ੍ਰਵਾਨ ਨਹੀਂ ਹੋਵੇਗਾ।
Public Notice
ਮੈਂ ਆਮ ਜਨਤਾ ਨੂੰ ਸੂਚਿਤ ਕਰਦਾ ਹਾਂ ਕਿ ਮੇਰੀ ਜਾਇਦਾਦ ਦੇ ਅਸਲੀ ਦਸਤਾਵੇਜ਼ ਗੁੰਮ ਹੋ ਗਏ ਹਨ। ਜੇ ਕਿਸੇ ਨੂੰ ਇਤਰਾਜ਼ ਹੋਵੇ ਤਾਂ 15 ਦਿਨ ਦੇ ਅੰਦਰ ਸੂਚਿਤ ਕਰੇ।
ਮੋਬਾਈਲ ਨੰ:-9780081469
Important Announcement We are moving
Axis Bank's Branch in Bodhlada will have a new Location from the dated 24th August 2025 current Address: Axis Bank Ltd., Mangal Bhawan, Mukhtsar Jeev Nagar, Bodhlada, Mansa District Punjab-151502, New Address: Axis Bank Ltd., Ground and First Floor, Opp. Jain Bhawan, Near Ramleela Ground, Bodhlada, Mansa District Punjab -151502
ਮੰਤਰ ਕੁਨੈਕਸ਼ਨ...
ਇੱਕ ਮਿਸਾਲੀ ਤੌਰ ਤੇ ਇਹ ਦੱਸਿਆ ਜਾਂਦਾ ਹੈ ਕਿ ਪੰਜਾਬ ਰਾਜ ਪਾਵਰ ਕਾਰਪੋਰੇਸ਼ਨ ਲਿਮਟਿਡ ਵੱਲੋਂ ਬਿਜਲੀ ਦੇ ਨਵੇਂ ਕੁਨੈਕਸ਼ਨ ਦੇਣ ਦੀ ਪ੍ਰਕਿਰਿਆ ਵਿੱਚ ਕੁਝ ਸ਼ਰਤਾਂ ਰੱਖੀਆਂ ਗਈਆਂ ਹਨ। ਜਿਹੜੇ ਵੀ ਖਪਤਕਾਰ ਨਵਾਂ ਕੁਨੈਕਸ਼ਨ ਲੈਣਾ ਚਾਹੁੰਦੇ ਹਨ ਉਹ ਨੇੜੇ ਦੇ ਦਫ਼ਤਰ ਵਿੱਚ ਸੰਪਰਕ ਕਰ ਸਕਦੇ ਹਨ।
ਆਮ ਸੂਚਨਾ
◈ ਮੈਂ Shobeg Singh @ Subeg Singh ਪੁੱਤਰ ਰਾਮ ਸਿੰਘ ਵਾਸੀ ਪਿੰਡ ਭੈਣ ਬਾਘਾ ਜ਼ਿਲ੍ਹਾ ਬਰਨਾਲਾ ਨੇ ਆਪਣਾ ਨਾਮ Subeg Singh ਦੇ ਬਦਲ ਕੇ Shobeg Singh ਕਿ ਸਿਰਫ਼ Shobeg Singh ਹੀ ਮੇਰਾ ਅਸਲੀ ਨਾਮ ਹੈ।
◈ ਮੈਂ ਆਮ ਜਨਤਾ ਨੂੰ ਸੂਚਿਤ ਕਰਦਾ ਹਾਂ ਕਿ ਮੇਰੀ ਜਾਇਦਾਦ ਮਕਾਨ ਨੰਬਰ 320/39 ਗਲੀ ਨੰਬਰ 166 ਵਿੱਚ, ਜਿਸਦਾ ਰਕਬਾ ਅਤੇ ਹੱਦਾਂ ਸਬੰਧੀ ਕਾਗਜ਼ਾਤ ਰਜਿਸਟਰੀ ਗੁੰਮ ਹੋ ਗਏ ਹਨ। ਜੇ ਕਿਸੇ ਵਿਅਕਤੀ ਨੂੰ ਕੋਈ ਇਤਰਾਜ਼ ਹੋਵੇ ਤਾਂ ਉਹ 15 ਦਿਨਾਂ ਦੇ ਅੰਦਰ ਆਪਣਾ ਇਤਰਾਜ਼ ਪੇਸ਼ ਕਰ ਸਕਦਾ ਹੈ।
◈ ਮੈਂ ਆਮ ਜਨਤਾ ਨੂੰ ਸੂਚਿਤ ਕਰਦਾ ਹਾਂ ਕਿ ਮੇਰੀ ਜਾਇਦਾਦ ਦੇ ਅਸਲੀ ਕਾਗਜ਼ਾਤ ਜੋ ਕਿ ਬੈਂਕ ਵਿੱਚ ਜਮ੍ਹਾਂ ਸਨ, ਗੁੰਮ ਹੋ ਗਏ ਹਨ।
◈ ਮੈਂ ਆਮ ਜਨਤਾ ਨੂੰ ਸੂਚਿਤ ਕਰਦਾ ਹਾਂ ਕਿ ਮੇਰਾ ਮੂਲ ਸਰਟੀਫਿਕੇਟ ਗੁੰਮ ਹੋ ਗਿਆ ਹੈ। ਜੇ ਕਿਸੇ ਨੂੰ ਮਿਲੇ ਤਾਂ ਸੂਚਿਤ ਕਰੇ।
ਬੇਦਖ਼ਲੀ ਰੱਦ
◈ ਮੈਂ ਹਰਬੰਸ ਸਿੰਘ ਪੁੱਤਰ ਲਾਲ ਸਿੰਘ ਮਕਾਨ ਨੰਬਰ 26851, ਵਾਰਡ ਨੰਬਰ 5/2, ਸ਼ਮਸ਼ੇਰ ਬਸਤੀ, ਬੱਸ ਸਟੈਂਡ ਬਿਆਨ ਕਰਦਾ ਹਾਂ ਕਿ ਮੈਂ ਆਪਣੇ ਲੜਕੇ ਨੂੰ ਮਿਤੀ 5 ਅਪ੍ਰੈਲ 2023 ਨੂੰ ਬੇਦਖ਼ਲ ਕੀਤਾ ਸੀ, ਜੋ ਕਿ ਹੁਣ ਮੈਂ ਰੱਦ ਕਰਦਾ ਹਾਂ।
◈ ਮੈਂ ਸੁਰਜੀਤ ਕੌਰ ਪਤਨੀ ਸਵਰਗੀ ਬਚਨ ਸਿੰਘ ਬਿਆਨ ਕਰਦੀ ਹਾਂ ਕਿ ਮੈਂ ਆਪਣੇ ਲੜਕੇ ਨੂੰ ਮਿਤੀ 18-01-2020 ਨੂੰ ਆਪਣੀ ਜਾਇਦਾਦ ਵਿੱਚੋਂ ਬੇਦਖ਼ਲ ਕੀਤਾ ਸੀ, ਜੋ ਕਿ ਹੁਣ ਮੈਂ ਰੱਦ ਕਰਦੀ ਹਾਂ।
◈ ਮੈਂ ਮੋਹਨ ਸਿੰਘ ਪੁੱਤਰ ਨੰਦ ਸਿੰਘ ਬਿਆਨ ਕਰਦਾ ਹਾਂ ਕਿ ਮੈਂ ਆਪਣੇ ਲੜਕੇ ਅਤੇ ਨੂੰਹ ਨੂੰ ਮਿਤੀ 18-07-2024 ਨੂੰ ਬੇਦਖ਼ਲ ਕੀਤਾ ਸੀ, ਹੁਣ ਉਹ ਮੇਰੇ ਕਹਿਣੇ ਵਿੱਚ ਹਨ, ਇਸ ਲਈ ਮੈਂ ਬੇਦਖ਼ਲੀ ਰੱਦ ਕਰਦਾ ਹਾਂ।
ਵਿਗਿਆਪਨ ਸਬੰਧੀ ਜ਼ਰੂਰੀ ਜਾਣਕਾਰੀ
'ਰੋਜ਼ਾਨਾ ਹੱਕ ਸੱਚ ਦਾ ਪਹਿਰੇਦਾਰ' ਵਿੱਚ ਵਿਗਿਆਪਨ ਦੇਣ ਲਈ ਜਾਂ ਕਲਾਸੀਫਾਈਡ ਦੇਣ ਲਈ ਸੰਪਰਕ ਕਰੋ।
ਵਿਗਿਆਪਨ ਅਤੇ ਕਲਾਸੀਫਾਈਡ ਕੇਵਲ ਅਦਾਰਾ 'ਪਹਿਰੇਦਾਰ' ਦੀ ਈ-ਮੇਲ rozanapehredaradvt@gmail.com 'ਤੇ ਹੀ ਭੇਜੇ ਜਾਣ।
